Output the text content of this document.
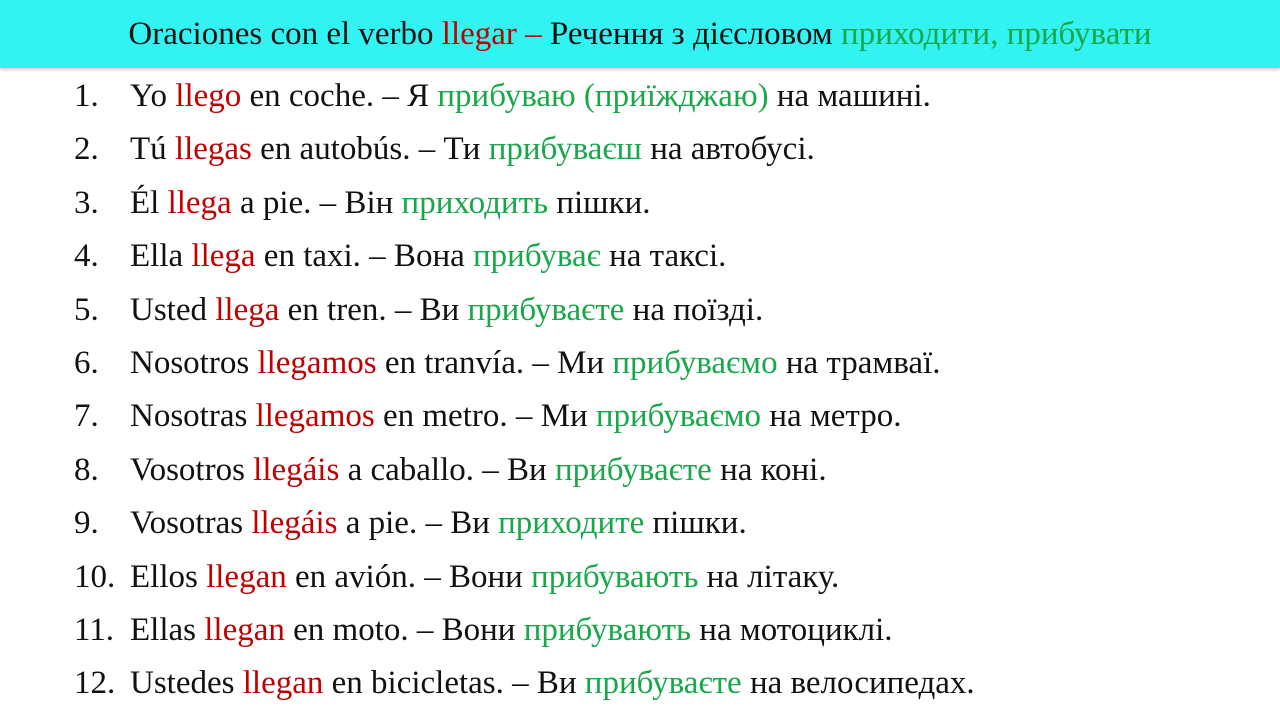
Oraciones con el verbo llegar – Речення з дієсловом приходити, прибувати
1. Yo llego en coche. – Я прибуваю (приїжджаю) на машині.
2. Tú llegas en autobús. – Ти прибуваєш на автобусі.
3. Él llega a pie. – Він приходить пішки.
4. Ella llega en taxi. – Вона прибуває на таксі.
5. Usted llega en tren. – Ви прибуваєте на поїзді.
6. Nosotros llegamos en tranvía. – Ми прибуваємо на трамваї.
7. Nosotras llegamos en metro. – Ми прибуваємо на метро.
8. Vosotros llegáis a caballo. – Ви прибуваєте на коні.
9. Vosotras llegáis a pie. – Ви приходите пішки.
10. Ellos llegan en avión. – Вони прибувають на літаку.
11. Ellas llegan en moto. – Вони прибувають на мотоциклі.
12. Ustedes llegan en bicicletas. – Ви прибуваєте на велосипедах.
